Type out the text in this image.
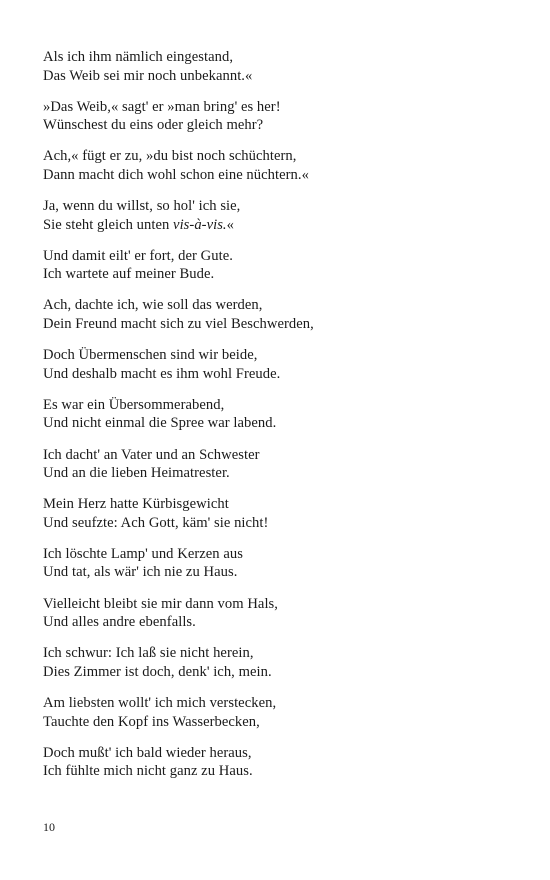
Als ich ihm nämlich eingestand,
Das Weib sei mir noch unbekannt.«
»Das Weib,« sagt' er »man bring' es her!
Wünschest du eins oder gleich mehr?
Ach,« fügt er zu, »du bist noch schüchtern,
Dann macht dich wohl schon eine nüchtern.«
Ja, wenn du willst, so hol' ich sie,
Sie steht gleich unten vis-à-vis.«
Und damit eilt' er fort, der Gute.
Ich wartete auf meiner Bude.
Ach, dachte ich, wie soll das werden,
Dein Freund macht sich zu viel Beschwerden,
Doch Übermenschen sind wir beide,
Und deshalb macht es ihm wohl Freude.
Es war ein Übersommerabend,
Und nicht einmal die Spree war labend.
Ich dacht' an Vater und an Schwester
Und an die lieben Heimatrester.
Mein Herz hatte Kürbisgewicht
Und seufzte: Ach Gott, käm' sie nicht!
Ich löschte Lamp' und Kerzen aus
Und tat, als wär' ich nie zu Haus.
Vielleicht bleibt sie mir dann vom Hals,
Und alles andre ebenfalls.
Ich schwur: Ich laß sie nicht herein,
Dies Zimmer ist doch, denk' ich, mein.
Am liebsten wollt' ich mich verstecken,
Tauchte den Kopf ins Wasserbecken,
Doch mußt' ich bald wieder heraus,
Ich fühlte mich nicht ganz zu Haus.
10
